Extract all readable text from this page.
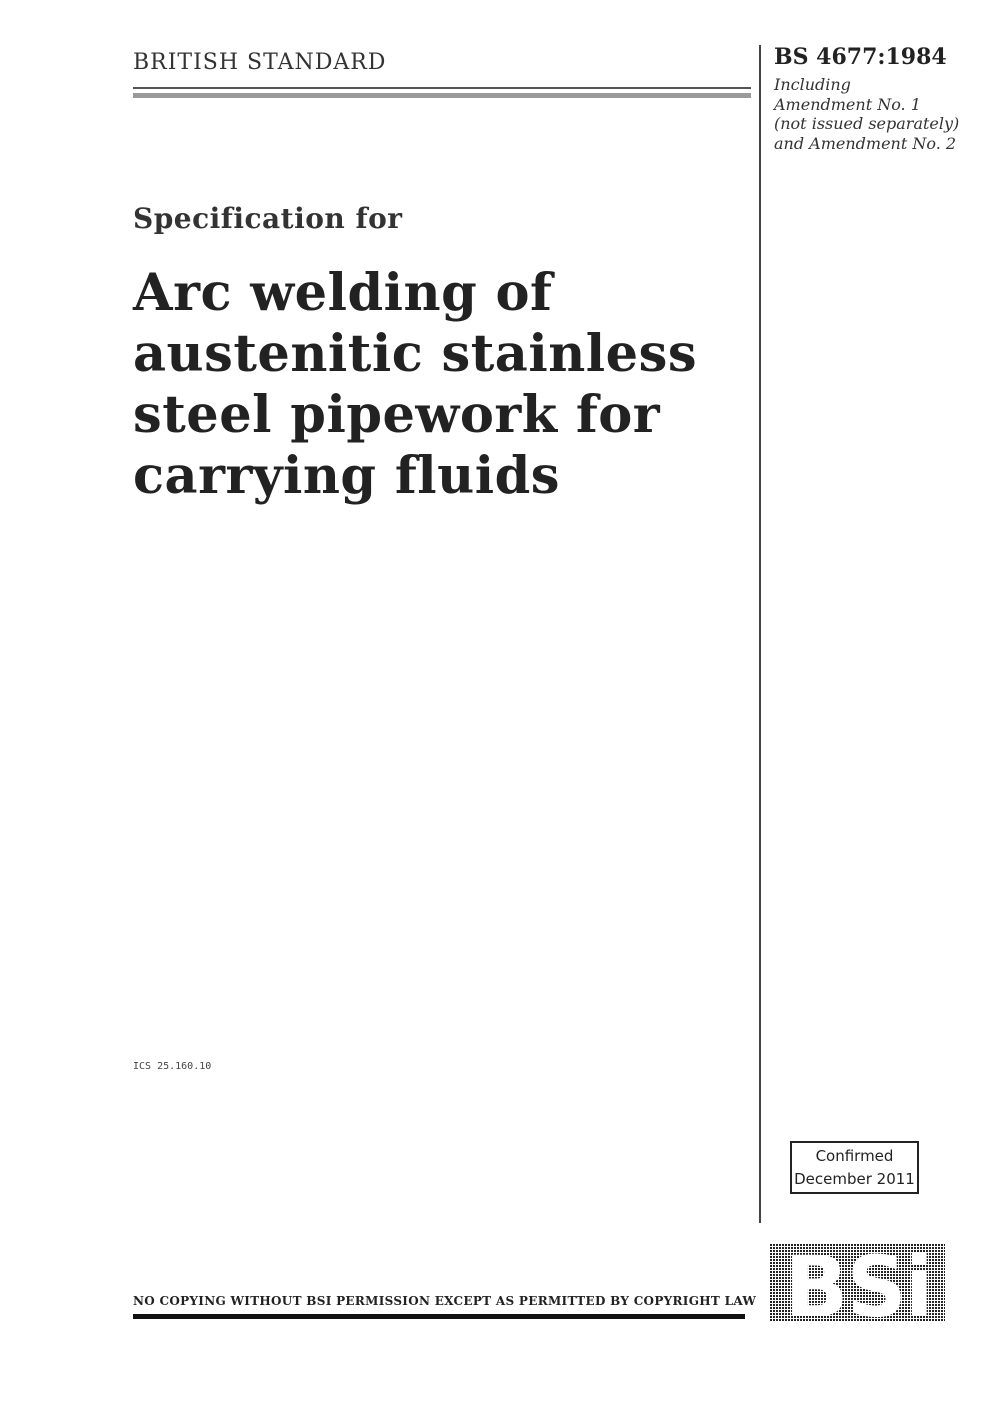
BRITISH STANDARD	BS 4677:1984
Including
Amendment No. 1
(not issued separately)
and Amendment No. 2
Specification for
Arc welding of
austenitic stainless
steel pipework for
carrying fluids
ICS 25.160.10
Confirmed
December 2011
BSi
NO COPYING WITHOUT BSI PERMISSION EXCEPT AS PERMITTED BY COPYRIGHT LAW
